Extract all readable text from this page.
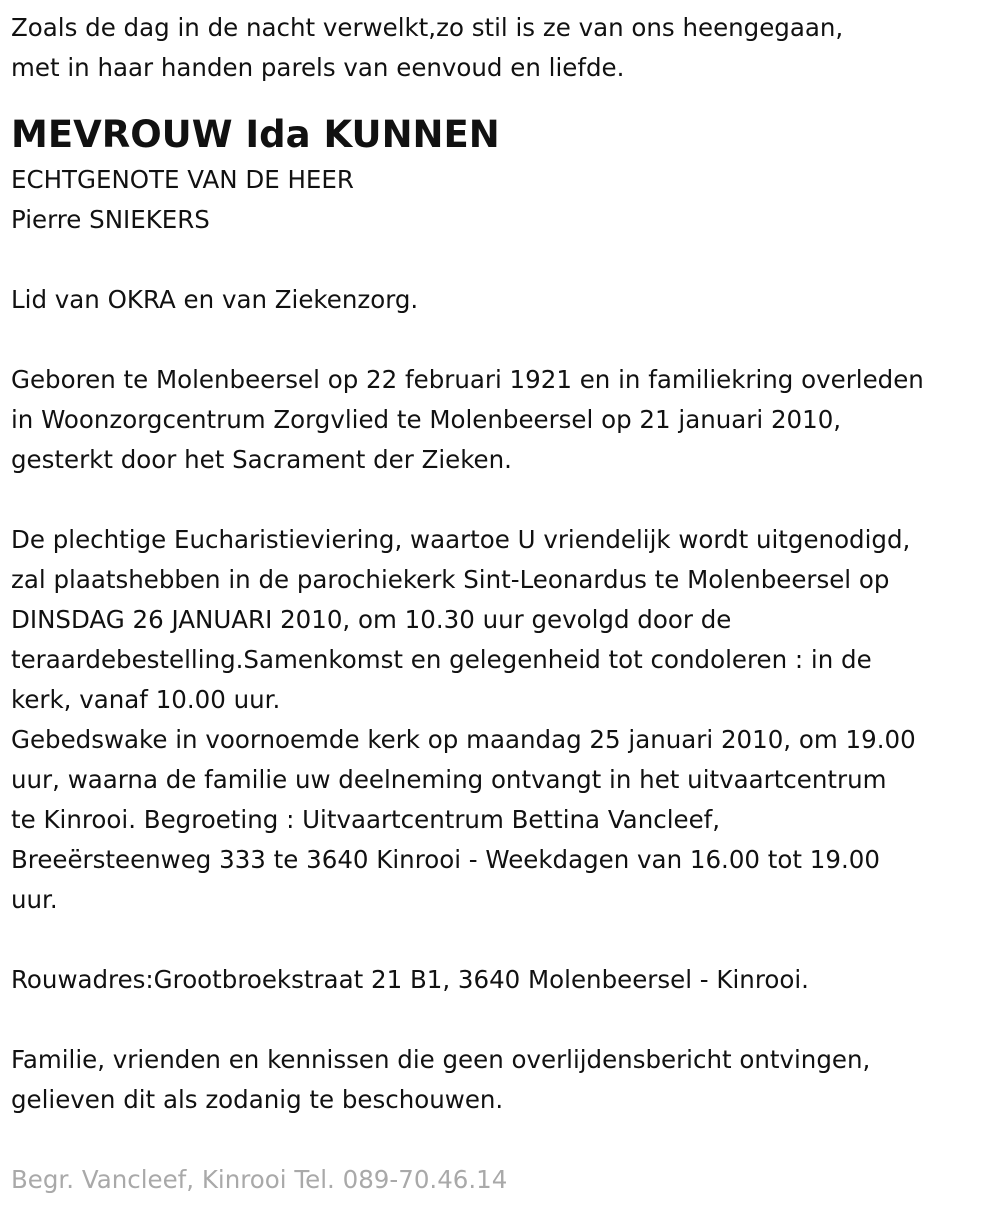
Zoals de dag in de nacht verwelkt,zo stil is ze van ons heengegaan,
met in haar handen parels van eenvoud en liefde.
MEVROUW Ida KUNNEN
ECHTGENOTE VAN DE HEER
Pierre SNIEKERS
Lid van OKRA en van Ziekenzorg.
Geboren te Molenbeersel op 22 februari 1921 en in familiekring overleden
in Woonzorgcentrum Zorgvlied te Molenbeersel op 21 januari 2010,
gesterkt door het Sacrament der Zieken.
De plechtige Eucharistieviering, waartoe U vriendelijk wordt uitgenodigd,
zal plaatshebben in de parochiekerk Sint-Leonardus te Molenbeersel op
DINSDAG 26 JANUARI 2010, om 10.30 uur gevolgd door de
teraardebestelling.Samenkomst en gelegenheid tot condoleren : in de
kerk, vanaf 10.00 uur.
Gebedswake in voornoemde kerk op maandag 25 januari 2010, om 19.00
uur, waarna de familie uw deelneming ontvangt in het uitvaartcentrum
te Kinrooi. Begroeting : Uitvaartcentrum Bettina Vancleef,
Breeërsteenweg 333 te 3640 Kinrooi - Weekdagen van 16.00 tot 19.00
uur.
Rouwadres:Grootbroekstraat 21 B1, 3640 Molenbeersel - Kinrooi.
Familie, vrienden en kennissen die geen overlijdensbericht ontvingen,
gelieven dit als zodanig te beschouwen.
Begr. Vancleef, Kinrooi Tel. 089-70.46.14
